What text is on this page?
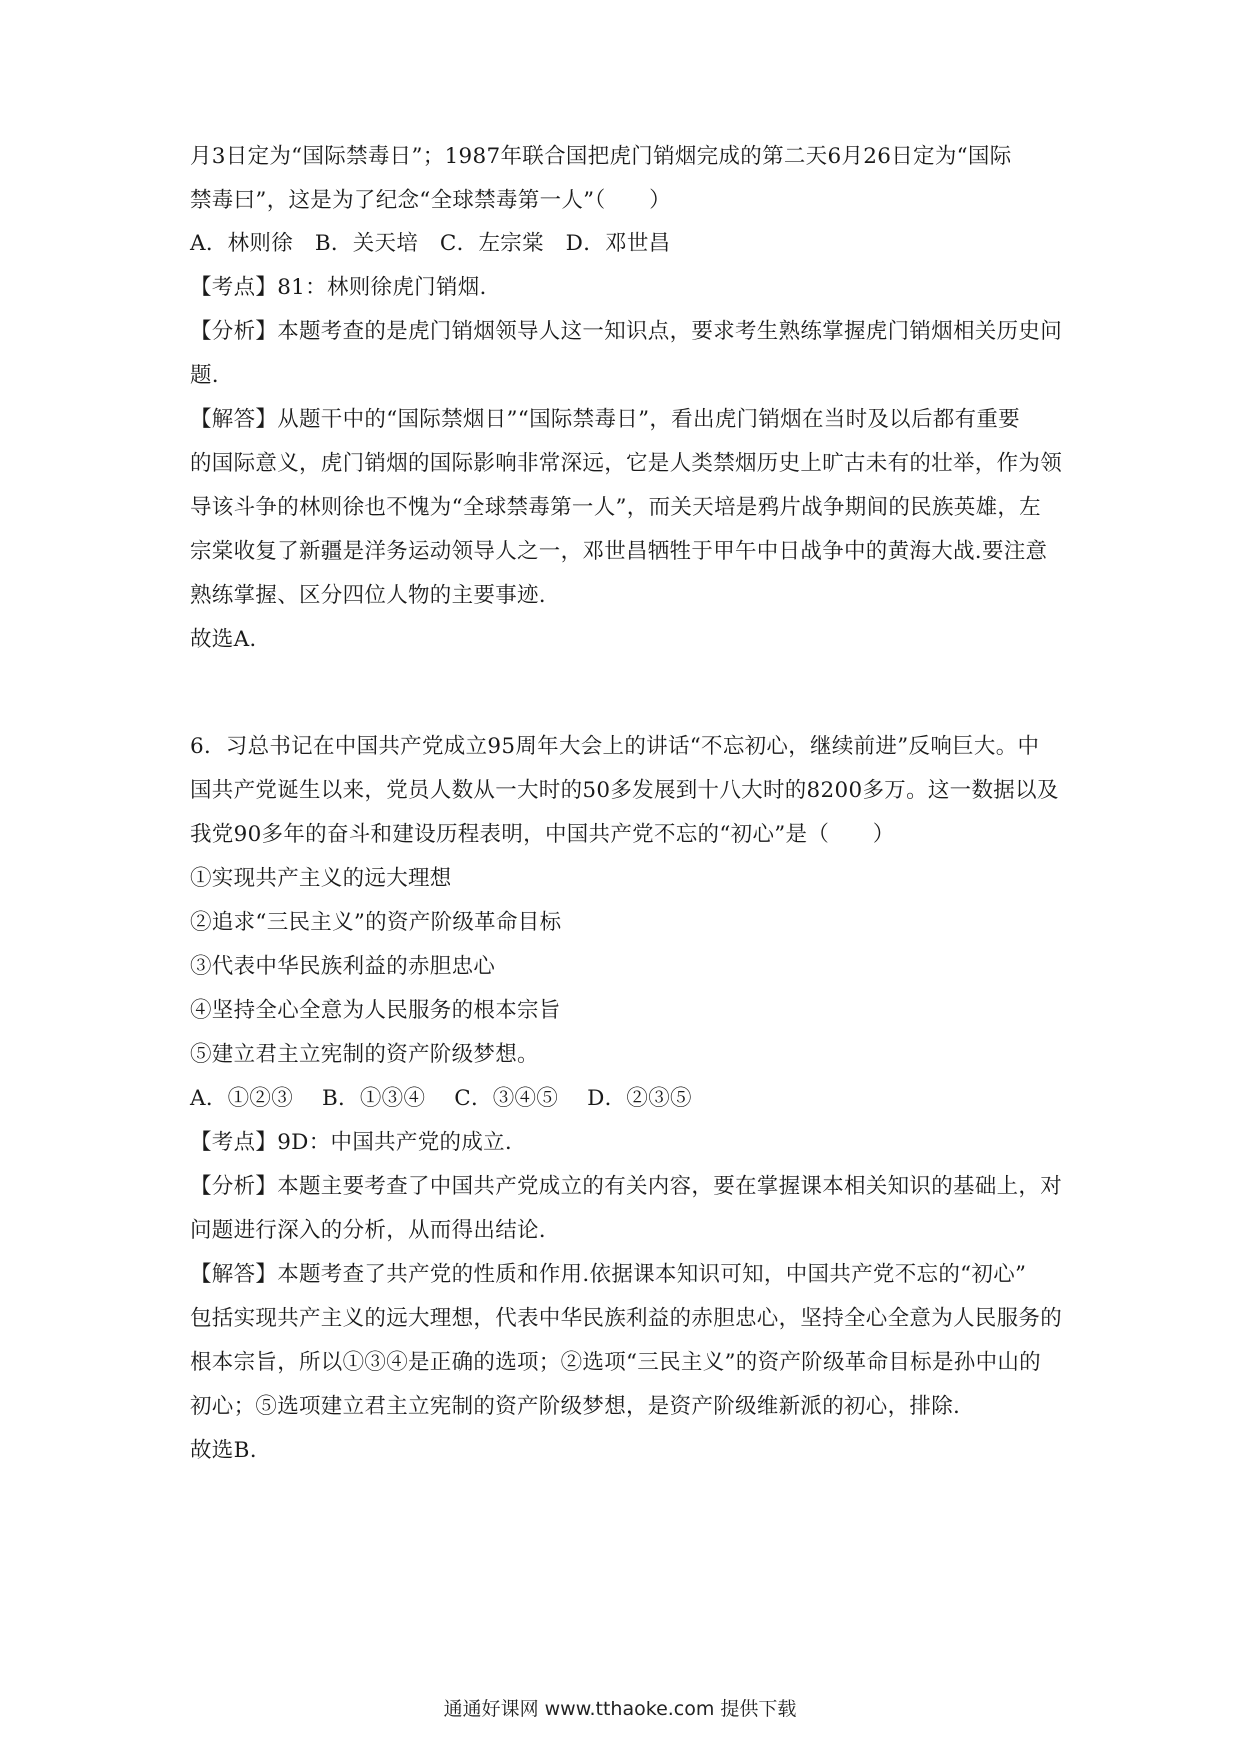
月3日定为“国际禁毒日”；1987年联合国把虎门销烟完成的第二天6月26日定为“国际
禁毒曰”，这是为了纪念“全球禁毒第一人”（　　）
A．林则徐　B．关天培　C．左宗棠　D．邓世昌
【考点】81：林则徐虎门销烟.
【分析】本题考查的是虎门销烟领导人这一知识点，要求考生熟练掌握虎门销烟相关历史问
题.
【解答】从题干中的“国际禁烟日”“国际禁毒日”，看出虎门销烟在当时及以后都有重要
的国际意义，虎门销烟的国际影响非常深远，它是人类禁烟历史上旷古未有的壮举，作为领
导该斗争的林则徐也不愧为“全球禁毒第一人”，而关天培是鸦片战争期间的民族英雄，左
宗棠收复了新疆是洋务运动领导人之一，邓世昌牺牲于甲午中日战争中的黄海大战.要注意
熟练掌握、区分四位人物的主要事迹.
故选A.
6．习总书记在中国共产党成立95周年大会上的讲话“不忘初心，继续前进”反响巨大。中
国共产党诞生以来，党员人数从一大时的50多发展到十八大时的8200多万。这一数据以及
我党90多年的奋斗和建设历程表明，中国共产党不忘的“初心”是（　　）
①实现共产主义的远大理想
②追求“三民主义”的资产阶级革命目标
③代表中华民族利益的赤胆忠心
④坚持全心全意为人民服务的根本宗旨
⑤建立君主立宪制的资产阶级梦想。
A．①②③　 B．①③④　 C．③④⑤　 D．②③⑤
【考点】9D：中国共产党的成立.
【分析】本题主要考查了中国共产党成立的有关内容，要在掌握课本相关知识的基础上，对
问题进行深入的分析，从而得出结论.
【解答】本题考查了共产党的性质和作用.依据课本知识可知，中国共产党不忘的“初心”
包括实现共产主义的远大理想，代表中华民族利益的赤胆忠心，坚持全心全意为人民服务的
根本宗旨，所以①③④是正确的选项；②选项“三民主义”的资产阶级革命目标是孙中山的
初心；⑤选项建立君主立宪制的资产阶级梦想，是资产阶级维新派的初心，排除.
故选B.
通通好课网 www.tthaoke.com 提供下载
